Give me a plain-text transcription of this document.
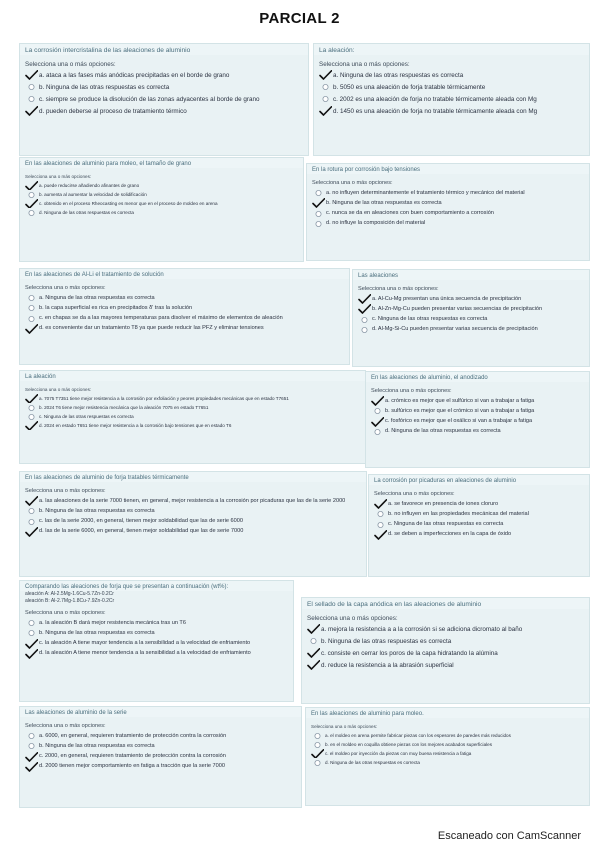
PARCIAL 2
La corrosión intercristalina de las aleaciones de aluminio
Selecciona una o más opciones:
a. ataca a las fases más anódicas precipitadas en el borde de grano
b. Ninguna de las otras respuestas es correcta
c. siempre se produce la disolución de las zonas adyacentes al borde de grano
d. pueden deberse al proceso de tratamiento térmico
La aleación:
Selecciona una o más opciones:
a. Ninguna de las otras respuestas es correcta
b. 5050 es una aleación de forja tratable térmicamente
c. 2002 es una aleación de forja no tratable térmicamente aleada con Mg
d. 1450 es una aleación de forja no tratable térmicamente aleada con Mg
En las aleaciones de aluminio para moleo, el tamaño de grano
Selecciona una o más opciones:
a. puede reducirse añadiendo afinantes de grano
b. aumenta al aumentar la velocidad de solidificación
c. obtenido en el proceso Rheocasting es menor que en el proceso de moldeo en arena
d. Ninguna de las otras respuestas es correcta
En la rotura por corrosión bajo tensiones
Selecciona una o más opciones:
a. no influyen determinantemente el tratamiento térmico y mecánico del material
b. Ninguna de las otras respuestas es correcta
c. nunca se da en aleaciones con buen comportamiento a corrosión
d. no influye la composición del material
En las aleaciones de Al-Li el tratamiento de solución
Selecciona una o más opciones:
a. Ninguna de las otras respuestas es correcta
b. la capa superficial es rica en precipitados δ' tras la solución
c. en chapas se da a las mayores temperaturas para disolver el máximo de elementos de aleación
d. es conveniente dar un tratamiento T8 ya que puede reducir las PFZ y eliminar tensiones
Las aleaciones
Selecciona una o más opciones:
a. Al-Cu-Mg presentan una única secuencia de precipitación
b. Al-Zn-Mg-Cu pueden presentar varias secuencias de precipitación
c. Ninguna de las otras respuestas es correcta
d. Al-Mg-Si-Cu pueden presentar varias secuencia de precipitación
La aleación
Selecciona una o más opciones:
a. 7075 T7351 tiene mejor resistencia a la corrosión por exfoliación y peores propiedades mecánicas que en estado T7651
b. 2024 T6 tiene mejor resistencia mecánica que la aleación 7075 en estado T7651
c. Ninguna de las otras respuestas es correcta
d. 2024 en estado T651 tiene mejor resistencia a la corrosión bajo tensiones que en estado T6
En las aleaciones de aluminio, el anodizado
Selecciona una o más opciones:
a. crómico es mejor que el sulfúrico si van a trabajar a fatiga
b. sulfúrico es mejor que el crómico si van a trabajar a fatiga
c. fosfórico es mejor que el oxálico si van a trabajar a fatiga
d. Ninguna de las otras respuestas es correcta
En las aleaciones de aluminio de forja tratables térmicamente
Selecciona una o más opciones:
a. las aleaciones de la serie 7000 tienen, en general, mejor resistencia a la corrosión por picaduras que las de la serie 2000
b. Ninguna de las otras respuestas es correcta
c. las de la serie 2000, en general, tienen mejor soldabilidad que las de serie 6000
d. las de la serie 6000, en general, tienen mejor soldabilidad que las de serie 7000
La corrosión por picaduras en aleaciones de aluminio
Selecciona una o más opciones:
a. se favorece en presencia de iones cloruro
b. no influyen en las propiedades mecánicas del material
c. Ninguna de las otras respuestas es correcta
d. se deben a imperfecciones en la capa de óxido
Comparando las aleaciones de forja que se presentan a continuación (wt%):
aleación A: Al-2.5Mg-1.6Cu-5.7Zn-0.2Cr
aleación B: Al-2.7Mg-1.8Cu-7.9Zn-0.2Cr
Selecciona una o más opciones:
a. la aleación B dará mejor resistencia mecánica tras un T6
b. Ninguna de las otras respuestas es correcta
c. la aleación A tiene mayor tendencia a la sensibilidad a la velocidad de enfriamiento
d. la aleación A tiene menor tendencia a la sensibilidad a la velocidad de enfriamiento
El sellado de la capa anódica en las aleaciones de aluminio
Selecciona una o más opciones:
a. mejora la resistencia a a la corrosión si se adiciona dicromato al baño
b. Ninguna de las otras respuestas es correcta
c. consiste en cerrar los poros de la capa hidratando la alúmina
d. reduce la resistencia a la abrasión superficial
Las aleaciones de aluminio de la serie
Selecciona una o más opciones:
a. 6000, en general, requieren tratamiento de protección contra la corrosión
b. Ninguna de las otras respuestas es correcta
c. 2000, en general, requieren tratamiento de protección contra la corrosión
d. 2000 tienen mejor comportamiento en fatiga a tracción que la serie 7000
En las aleaciones de aluminio para moleo.
Selecciona una o más opciones:
a. el moldeo en arena permite fabricar piezas con los espesores de paredes más reducidos
b. en el moldeo en coquilla obtiene piezas con los mejores acabados superficiales
c. el moldeo por inyección da piezas con muy buena resistencia a fatiga
d. Ninguna de las otras respuestas es correcta
Escaneado con CamScanner
